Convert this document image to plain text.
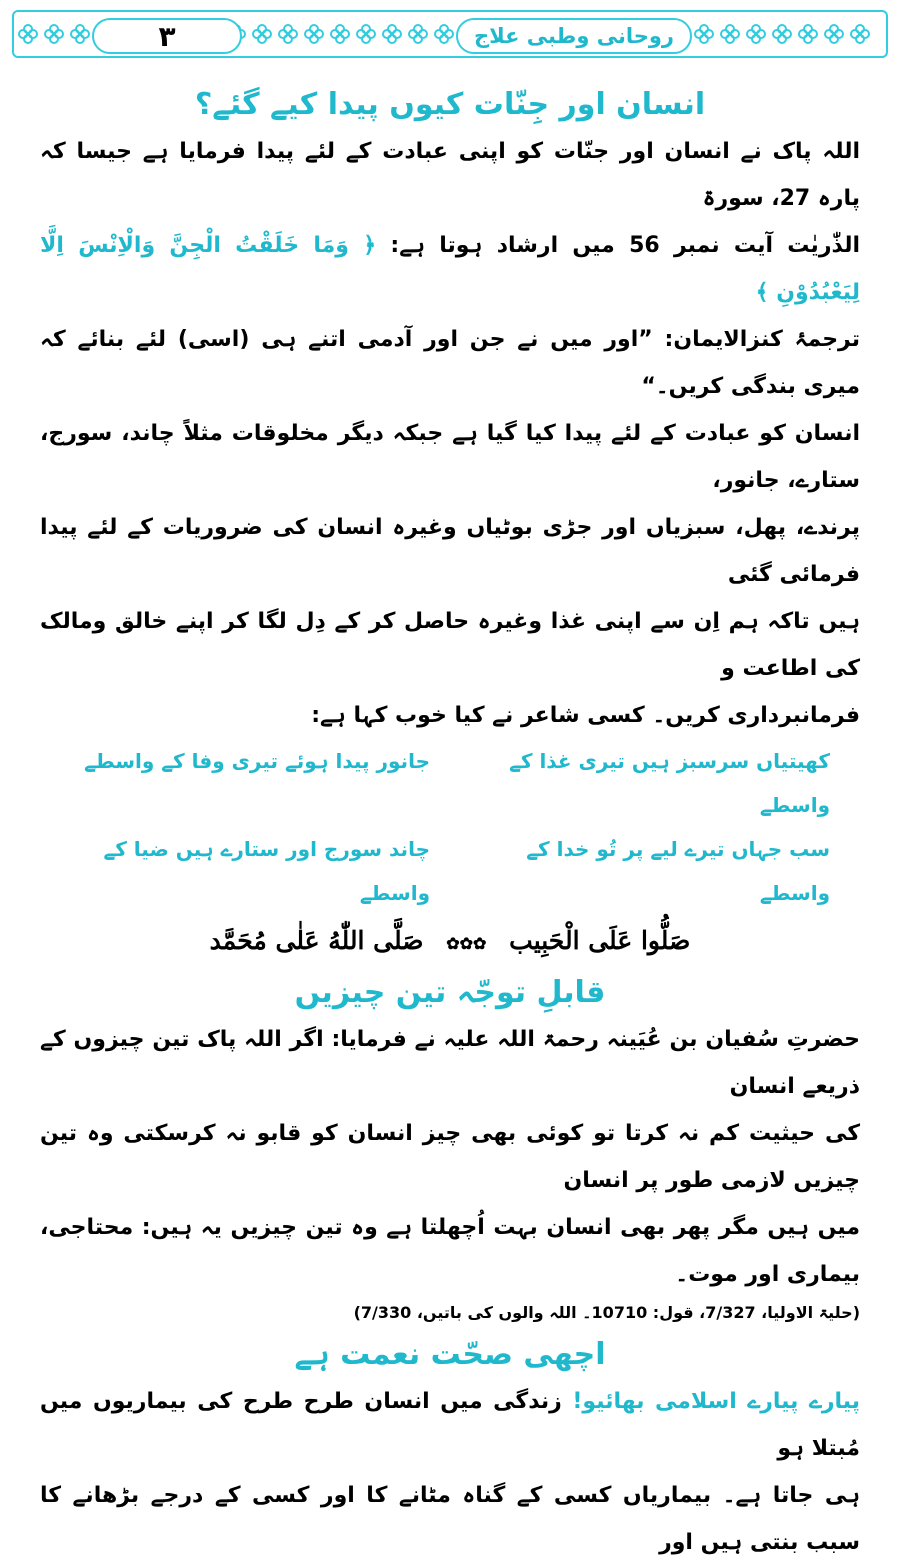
۳	روحانی وطبی علاج
انسان اور جِنّات کیوں پیدا کیے گئے؟

اللہ پاک نے انسان اور جنّات کو اپنی عبادت کے لئے پیدا فرمایا ہے جیسا کہ پارہ 27، سورۃ

الذّٰریٰت آیت نمبر 56 میں ارشاد ہوتا ہے: ﴿ وَمَا خَلَقْتُ الْجِنَّ وَالْاِنْسَ اِلَّا لِیَعْبُدُوْنِ ﴾

ترجمۂ کنزالایمان: ”اور میں نے جن اور آدمی اتنے ہی (اسی) لئے بنائے کہ میری بندگی کریں۔“

انسان کو عبادت کے لئے پیدا کیا گیا ہے جبکہ دیگر مخلوقات مثلاً چاند، سورج، ستارے، جانور،

پرندے، پھل، سبزیاں اور جڑی بوٹیاں وغیرہ انسان کی ضروریات کے لئے پیدا فرمائی گئی

ہیں تاکہ ہم اِن سے اپنی غذا وغیرہ حاصل کر کے دِل لگا کر اپنے خالق ومالک کی اطاعت و

فرمانبرداری کریں۔ کسی شاعر نے کیا خوب کہا ہے:

کھیتیاں سرسبز ہیں تیری غذا کے واسطے
جانور پیدا ہوئے تیری وفا کے واسطے
سب جہاں تیرے لیے پر تُو خدا کے واسطے
چاند سورج اور ستارے ہیں ضیا کے واسطے
صَلُّوا عَلَى الْحَبِیب ✿✿✿ صَلَّى اللّٰهُ عَلٰى مُحَمَّد
قابلِ توجّہ تین چیزیں

حضرتِ سُفیان بن عُیَینہ رحمۃ اللہ علیہ نے فرمایا: اگر اللہ پاک تین چیزوں کے ذریعے انسان

کی حیثیت کم نہ کرتا تو کوئی بھی چیز انسان کو قابو نہ کرسکتی وہ تین چیزیں لازمی طور پر انسان

میں ہیں مگر پھر بھی انسان بہت اُچھلتا ہے وہ تین چیزیں یہ ہیں: محتاجی، بیماری اور موت۔

(حلیۃ الاولیا، 7/327، قول: 10710۔ اللہ والوں کی باتیں، 7/330)

اچھی صحّت نعمت ہے

پیارے پیارے اسلامی بھائیو! زندگی میں انسان طرح طرح کی بیماریوں میں مُبتلا ہو

ہی جاتا ہے۔ بیماریاں کسی کے گناہ مٹانے کا اور کسی کے درجے بڑھانے کا سبب بنتی ہیں اور
